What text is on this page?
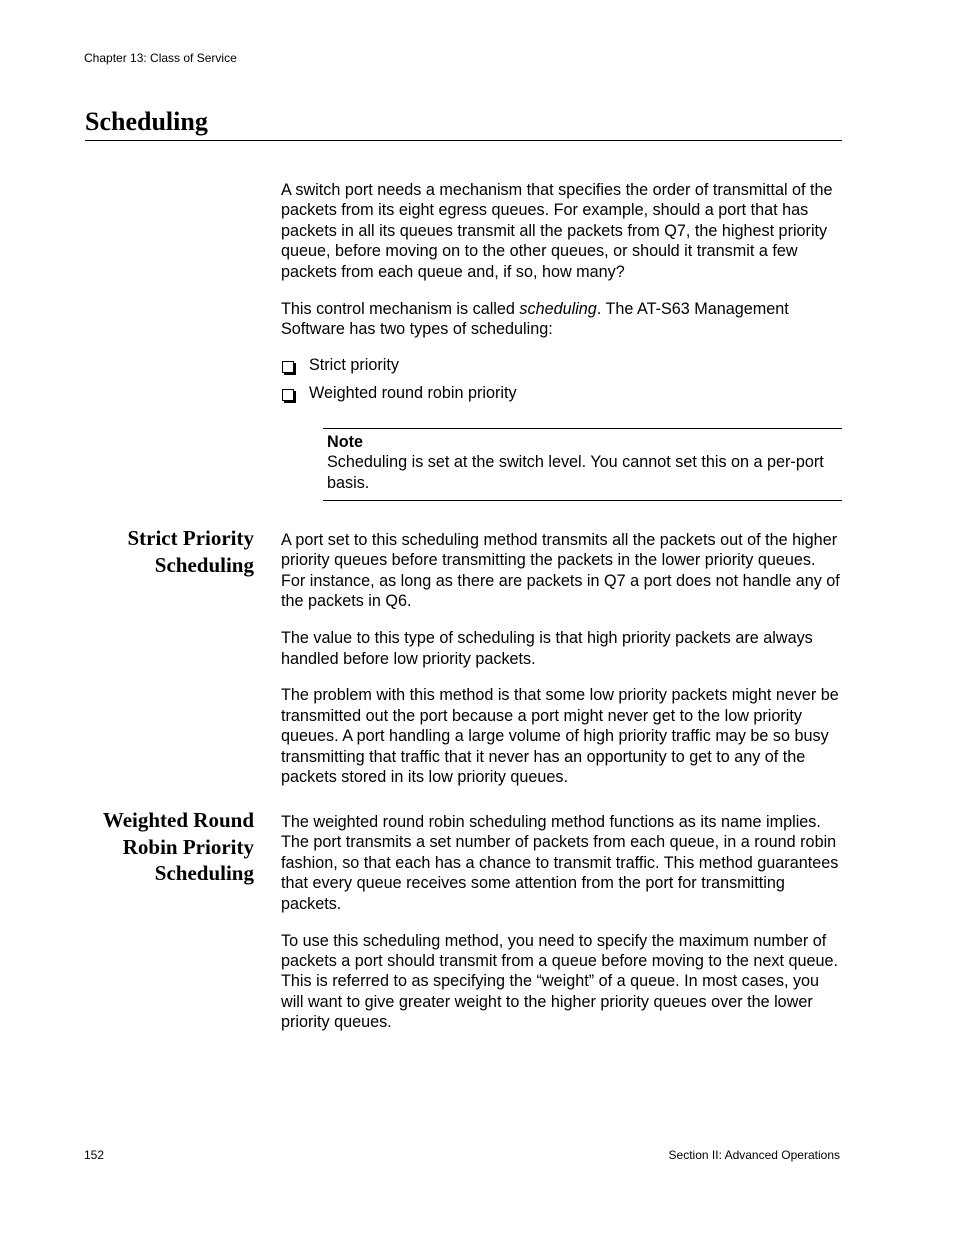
Chapter 13: Class of Service
Scheduling

A switch port needs a mechanism that specifies the order of transmittal of the packets from its eight egress queues. For example, should a port that has packets in all its queues transmit all the packets from Q7, the highest priority queue, before moving on to the other queues, or should it transmit a few packets from each queue and, if so, how many?

This control mechanism is called scheduling. The AT-S63 Management Software has two types of scheduling:

Strict priority
Weighted round robin priority
Note
Scheduling is set at the switch level. You cannot set this on a per-port basis.
Strict Priority
Scheduling

A port set to this scheduling method transmits all the packets out of the higher priority queues before transmitting the packets in the lower priority queues. For instance, as long as there are packets in Q7 a port does not handle any of the packets in Q6.

The value to this type of scheduling is that high priority packets are always handled before low priority packets.

The problem with this method is that some low priority packets might never be transmitted out the port because a port might never get to the low priority queues. A port handling a large volume of high priority traffic may be so busy transmitting that traffic that it never has an opportunity to get to any of the packets stored in its low priority queues.

Weighted Round
Robin Priority
Scheduling

The weighted round robin scheduling method functions as its name implies. The port transmits a set number of packets from each queue, in a round robin fashion, so that each has a chance to transmit traffic. This method guarantees that every queue receives some attention from the port for transmitting packets.

To use this scheduling method, you need to specify the maximum number of packets a port should transmit from a queue before moving to the next queue. This is referred to as specifying the “weight” of a queue. In most cases, you will want to give greater weight to the higher priority queues over the lower priority queues.

152	Section II: Advanced Operations
